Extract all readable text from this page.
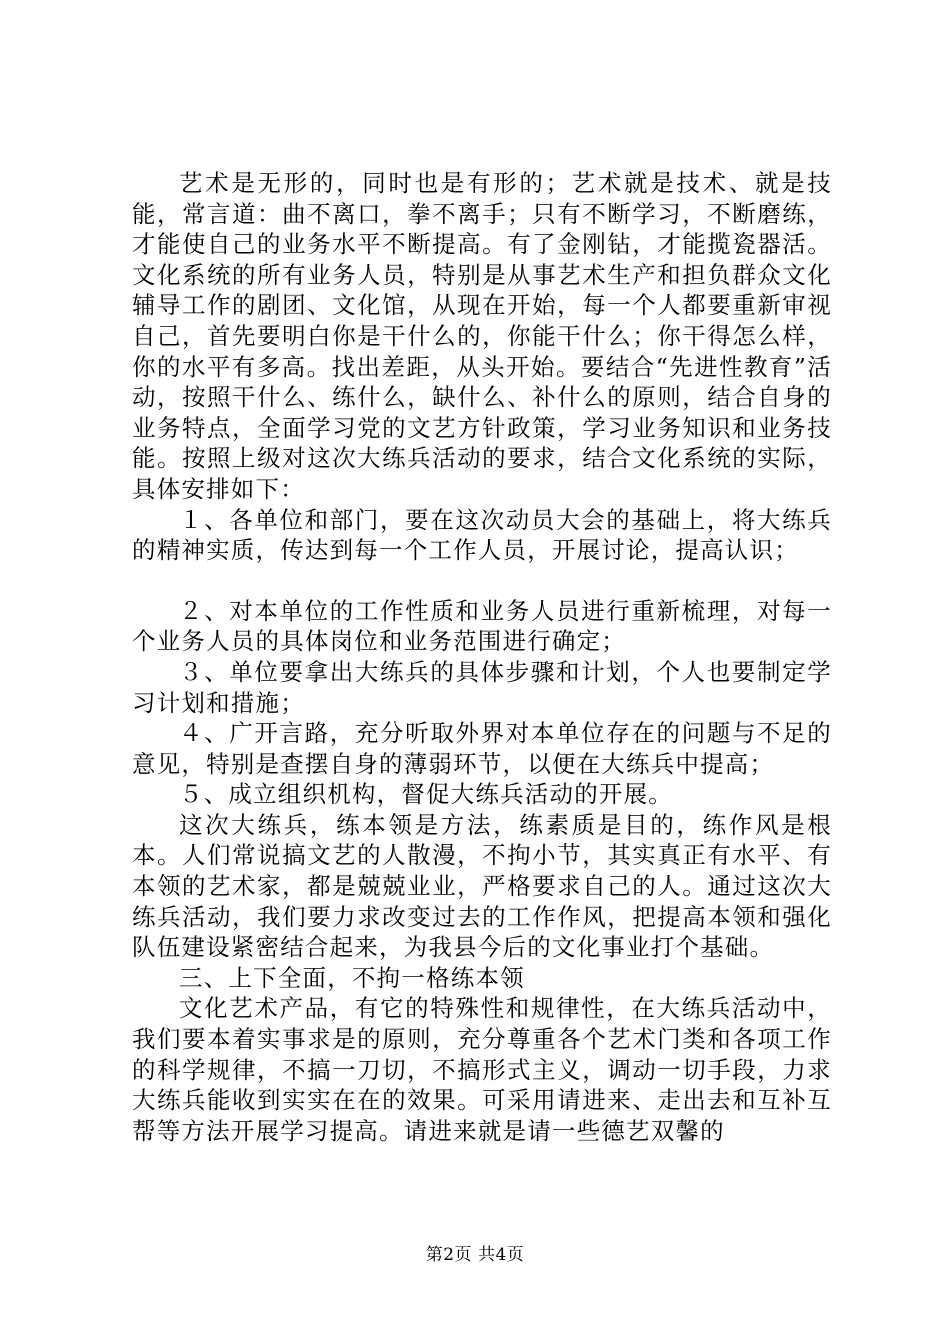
艺术是无形的，同时也是有形的；艺术就是技术、就是技能，常言道：曲不离口，拳不离手；只有不断学习，不断磨练，才能使自己的业务水平不断提高。有了金刚钻，才能揽瓷器活。文化系统的所有业务人员，特别是从事艺术生产和担负群众文化辅导工作的剧团、文化馆，从现在开始，每一个人都要重新审视自己，首先要明白你是干什么的，你能干什么；你干得怎么样，你的水平有多高。找出差距，从头开始。要结合“先进性教育”活动，按照干什么、练什么，缺什么、补什么的原则，结合自身的业务特点，全面学习党的文艺方针政策，学习业务知识和业务技能。按照上级对这次大练兵活动的要求，结合文化系统的实际，具体安排如下：

１、各单位和部门，要在这次动员大会的基础上，将大练兵的精神实质，传达到每一个工作人员，开展讨论，提高认识；

２、对本单位的工作性质和业务人员进行重新梳理，对每一个业务人员的具体岗位和业务范围进行确定；

３、单位要拿出大练兵的具体步骤和计划，个人也要制定学习计划和措施；

４、广开言路，充分听取外界对本单位存在的问题与不足的意见，特别是查摆自身的薄弱环节，以便在大练兵中提高；

５、成立组织机构，督促大练兵活动的开展。

这次大练兵，练本领是方法，练素质是目的，练作风是根本。人们常说搞文艺的人散漫，不拘小节，其实真正有水平、有本领的艺术家，都是兢兢业业，严格要求自己的人。通过这次大练兵活动，我们要力求改变过去的工作作风，把提高本领和强化队伍建设紧密结合起来，为我县今后的文化事业打个基础。

三、上下全面，不拘一格练本领

文化艺术产品，有它的特殊性和规律性，在大练兵活动中，我们要本着实事求是的原则，充分尊重各个艺术门类和各项工作的科学规律，不搞一刀切，不搞形式主义，调动一切手段，力求大练兵能收到实实在在的效果。可采用请进来、走出去和互补互帮等方法开展学习提高。请进来就是请一些德艺双馨的

第2页 共4页
